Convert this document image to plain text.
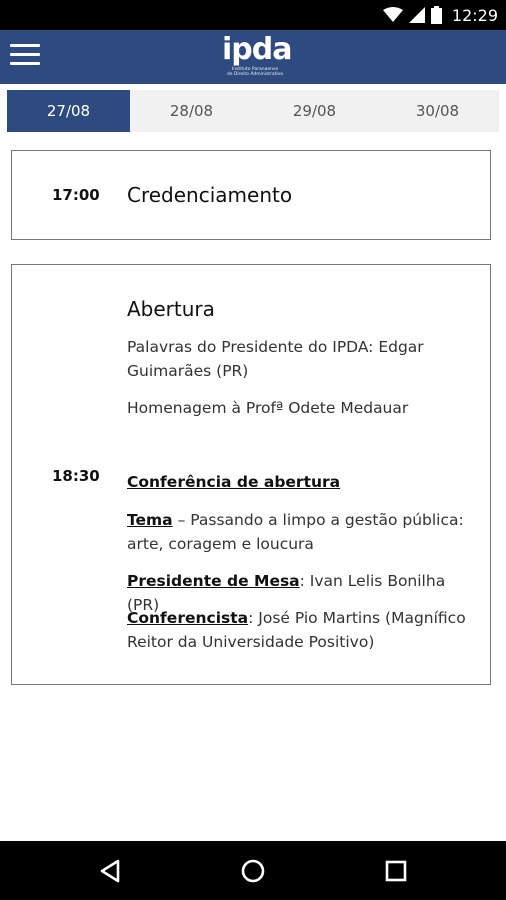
12:29
ipda
Instituto Paranaense
de Direito Administrativo
27/08	28/08	29/08	30/08
17:00 Credenciamento
Abertura
Palavras do Presidente do IPDA: Edgar
Guimarães (PR)
Homenagem à Profª Odete Medauar
18:30 Conferência de abertura
Tema – Passando a limpo a gestão pública:
arte, coragem e loucura
Presidente de Mesa: Ivan Lelis Bonilha (PR)
Conferencista: José Pio Martins (Magnífico
Reitor da Universidade Positivo)
